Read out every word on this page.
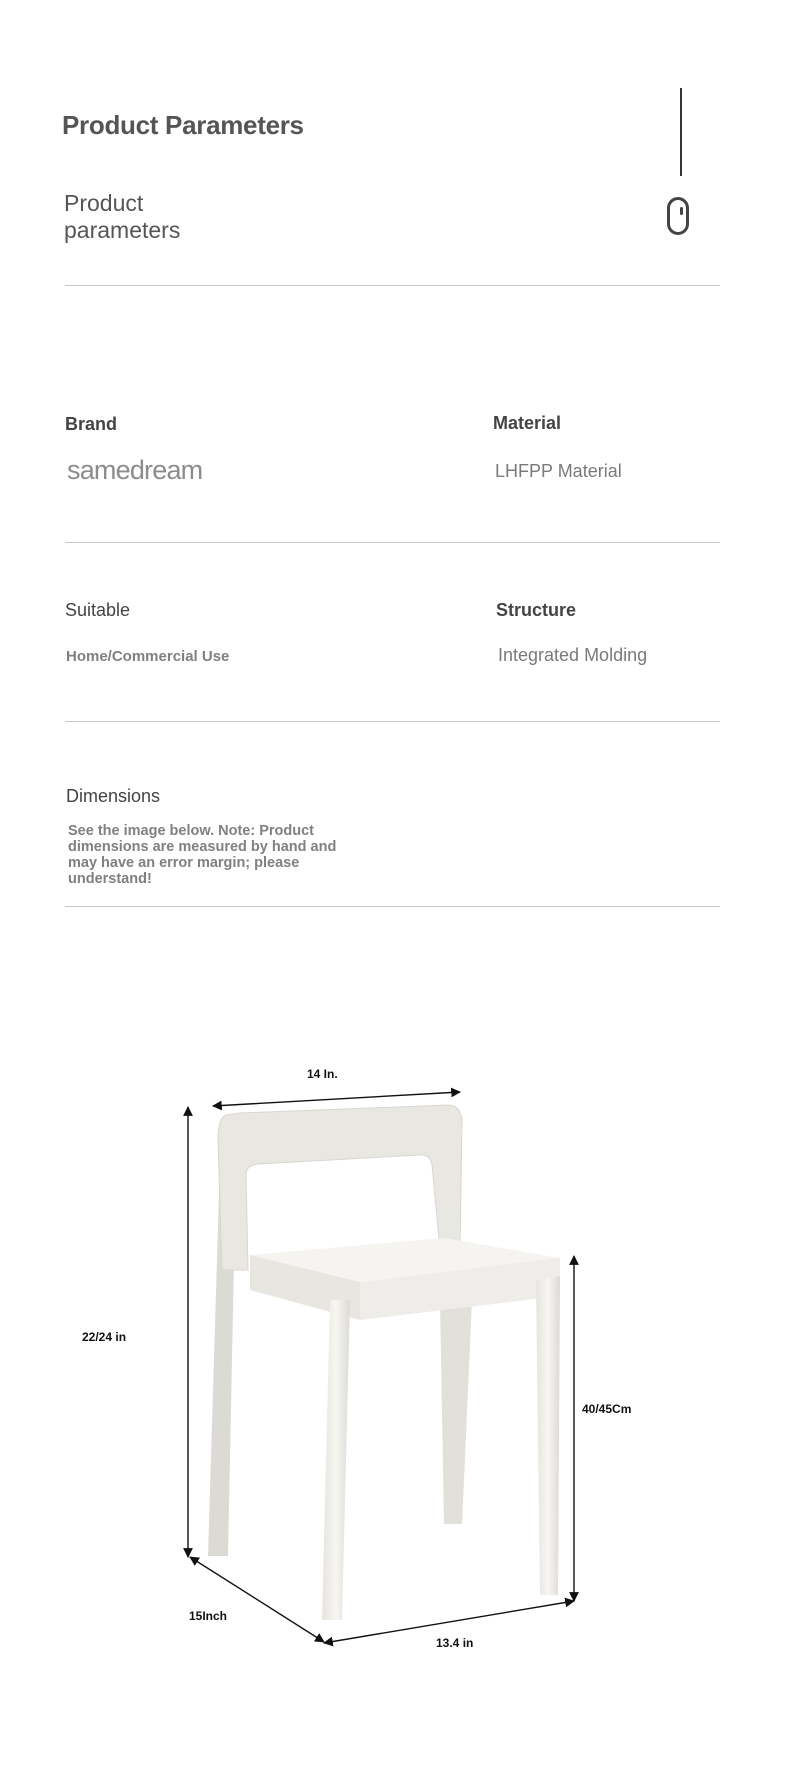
Product Parameters
Product parameters
Brand
samedream
Material
LHFPP Material
Suitable
Home/Commercial Use
Structure
Integrated Molding
Dimensions
See the image below. Note: Product dimensions are measured by hand and may have an error margin; please understand!
14 In.
22/24 in
40/45Cm
15Inch
13.4 in
